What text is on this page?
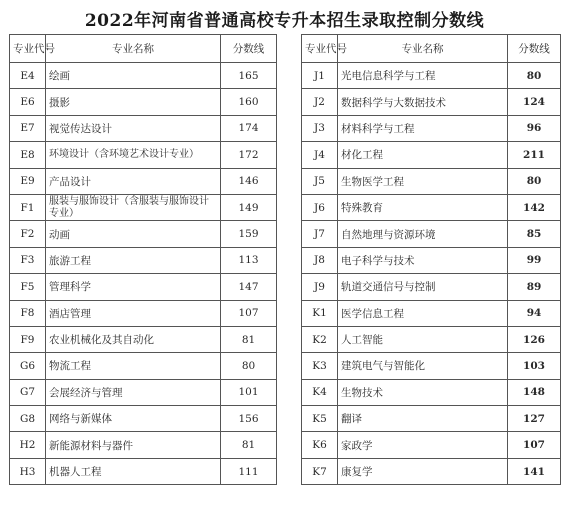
2022年河南省普通高校专升本招生录取控制分数线
专业代号	专业名称	分数线
E4	绘画	165
E6	摄影	160
E7	视觉传达设计	174
E8	环境设计（含环境艺术设计专业）	172
E9	产品设计	146
F1	服装与服饰设计（含服装与服饰设计专业）	149
F2	动画	159
F3	旅游工程	113
F5	管理科学	147
F8	酒店管理	107
F9	农业机械化及其自动化	81
G6	物流工程	80
G7	会展经济与管理	101
G8	网络与新媒体	156
H2	新能源材料与器件	81
H3	机器人工程	111
专业代号	专业名称	分数线
J1	光电信息科学与工程	80
J2	数据科学与大数据技术	124
J3	材料科学与工程	96
J4	材化工程	211
J5	生物医学工程	80
J6	特殊教育	142
J7	自然地理与资源环境	85
J8	电子科学与技术	99
J9	轨道交通信号与控制	89
K1	医学信息工程	94
K2	人工智能	126
K3	建筑电气与智能化	103
K4	生物技术	148
K5	翻译	127
K6	家政学	107
K7	康复学	141
